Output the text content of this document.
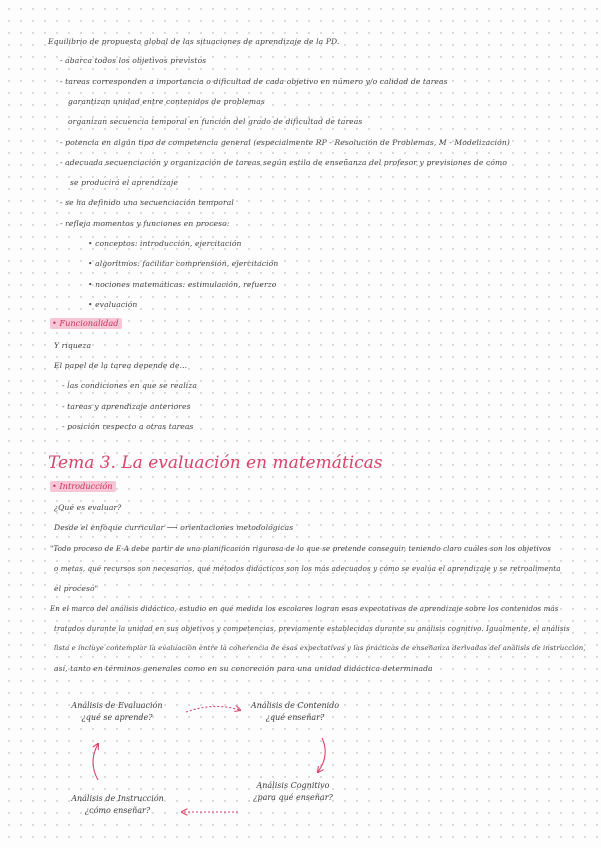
Equilibrio de propuesta global de las situaciones de aprendizaje de la PD.
- abarca todos los objetivos previstos
- tareas corresponden a importancia o dificultad de cada objetivo en número y/o calidad de tareas
garantizan unidad entre contenidos de problemas
organizan secuencia temporal en función del grado de dificultad de tareas
- potencia en algún tipo de competencia general (especialmente RP - Resolución de Problemas, M - Modelización)
- adecuada secuenciación y organización de tareas según estilo de enseñanza del profesor y previsiones de cómo
se producirá el aprendizaje
- se ha definido una secuenciación temporal
- refleja momentos y funciones en proceso:
• conceptos: introducción, ejercitación
• algoritmos: facilitar comprensión, ejercitación
• nociones matemáticas: estimulación, refuerzo
• evaluación
• Funcionalidad
Y riqueza
El papel de la tarea depende de...
- las condiciones en que se realiza
- tareas y aprendizaje anteriores
- posición respecto a otras tareas
Tema 3. La evaluación en matemáticas
• Introducción
¿Qué es evaluar?
Desde el enfoque curricular ⟶ orientaciones metodológicas
"Todo proceso de E-A debe partir de una planificación rigurosa de lo que se pretende conseguir, teniendo claro cuáles son los objetivos
o metas, qué recursos son necesarios, qué métodos didácticos son los más adecuados y cómo se evalúa el aprendizaje y se retroalimenta
el proceso"
En el marco del análisis didáctico, estudio en qué medida los escolares logran esas expectativas de aprendizaje sobre los contenidos más
tratados durante la unidad en sus objetivos y competencias, previamente establecidas durante su análisis cognitivo. Igualmente, el análisis
lista e incluye contemplar la evaluación entre la coherencia de esas expectativas y las prácticas de enseñanza derivadas del análisis de instrucción,
así, tanto en términos generales como en su concreción para una unidad didáctica determinada
Análisis de Evaluación
¿qué se aprende?
Análisis de Contenido
¿qué enseñar?
Análisis Cognitivo
¿para qué enseñar?
Análisis de Instrucción
¿cómo enseñar?
